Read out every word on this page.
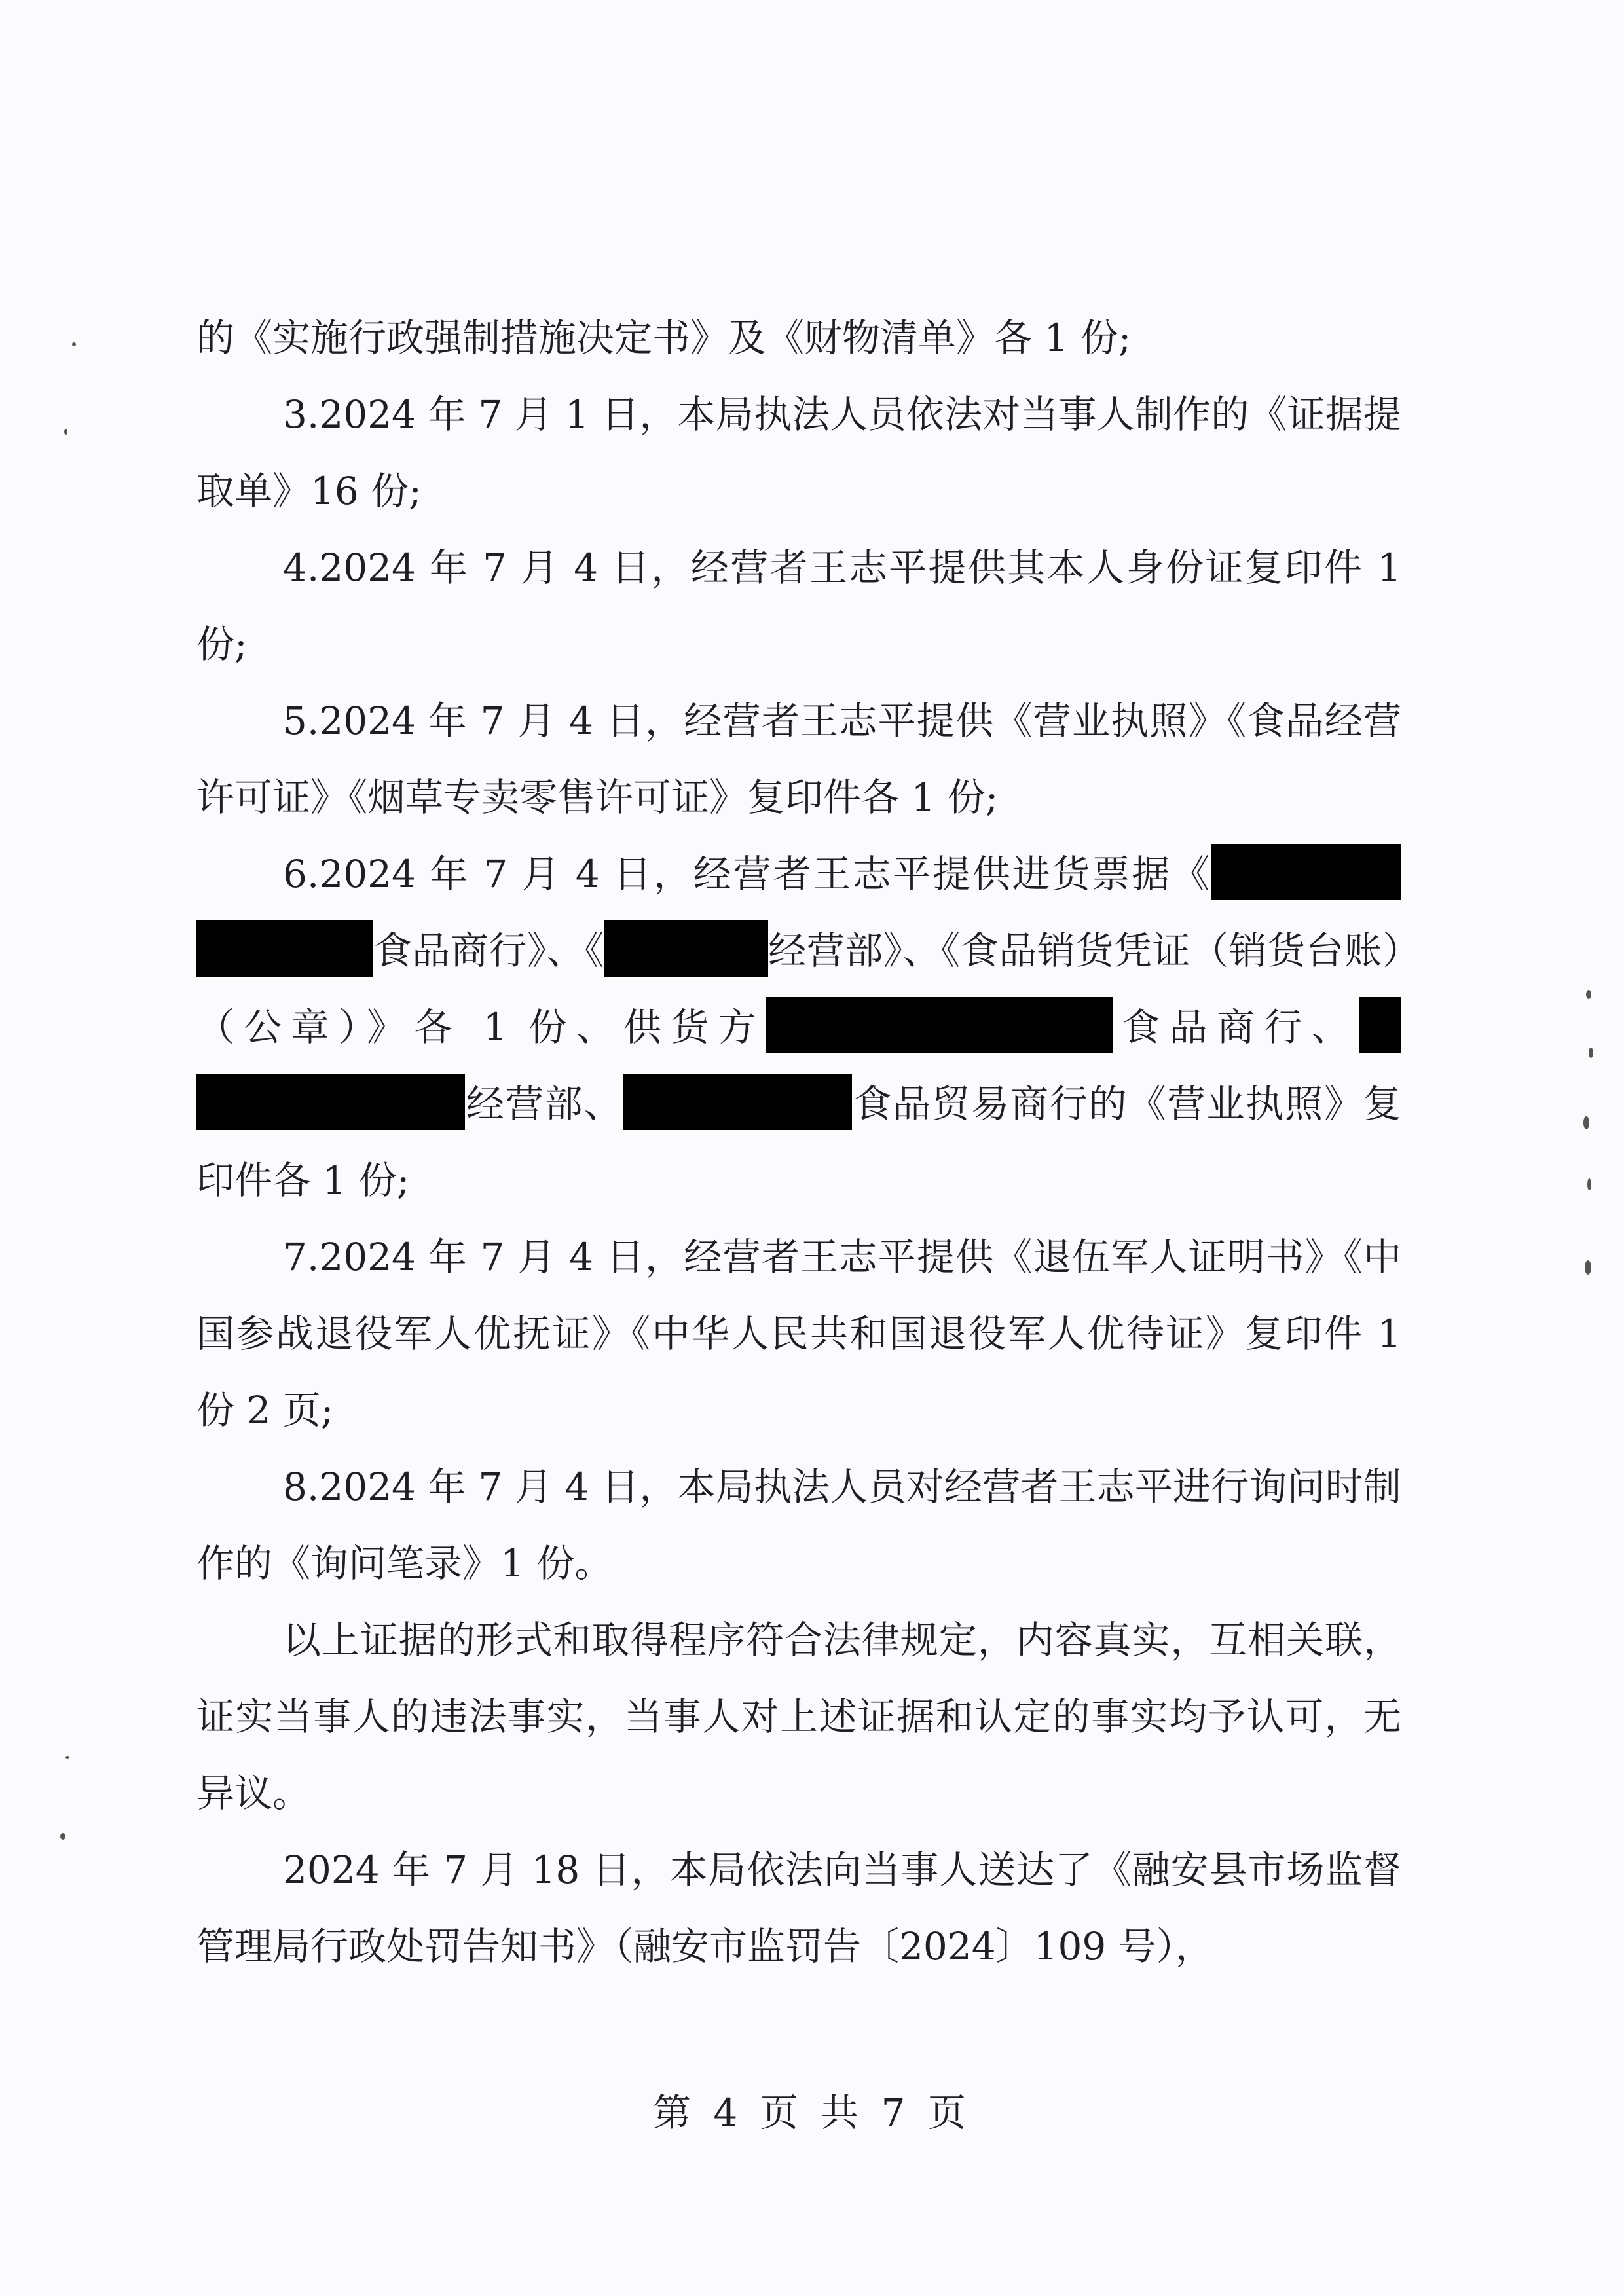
的《实施行政强制措施决定书》及《财物清单》各 1 份;

3.2024 年 7 月 1 日，本局执法人员依法对当事人制作的《证据提取单》16 份;

4.2024 年 7 月 4 日，经营者王志平提供其本人身份证复印件 1 份;

5.2024 年 7 月 4 日，经营者王志平提供《营业执照》《食品经营许可证》《烟草专卖零售许可证》复印件各 1 份;

6.2024 年 7 月 4 日，经营者王志平提供进货票据《食品商行》、《	经营部》、《食品销货凭证（销货台账）（公章）》各 1 份、供货方	食品商行、经营部、	食品贸易商行的《营业执照》复印件各 1 份;

7.2024 年 7 月 4 日，经营者王志平提供《退伍军人证明书》《中国参战退役军人优抚证》《中华人民共和国退役军人优待证》复印件 1 份 2 页;

8.2024 年 7 月 4 日，本局执法人员对经营者王志平进行询问时制作的《询问笔录》1 份。

以上证据的形式和取得程序符合法律规定，内容真实，互相关联，证实当事人的违法事实，当事人对上述证据和认定的事实均予认可，无异议。

2024 年 7 月 18 日，本局依法向当事人送达了《融安县市场监督管理局行政处罚告知书》（融安市监罚告〔2024〕109 号），

第 4 页 共 7 页
